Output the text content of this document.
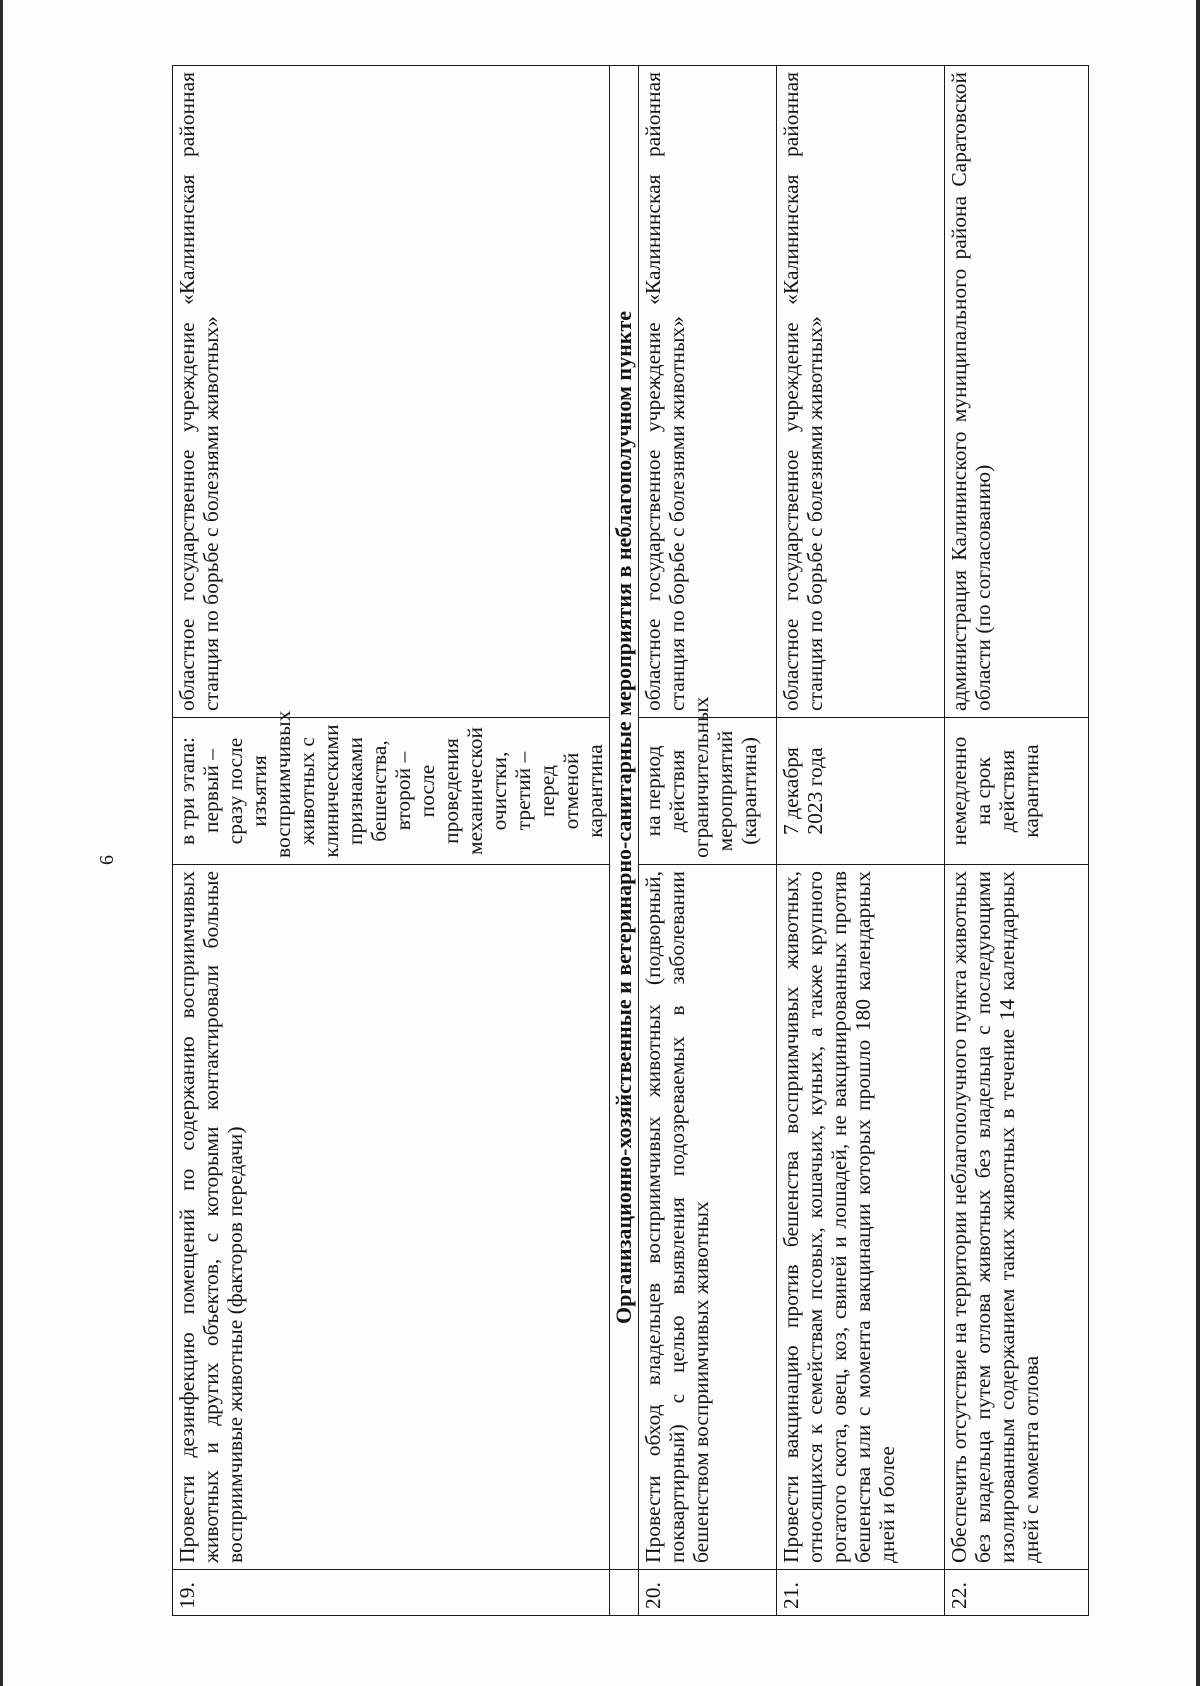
6
19.	Провести дезинфекцию помещений по содержанию восприимчивых животных и других объектов, с которыми контактировали больные восприимчивые животные (факторов передачи)	в три этапа: первый – сразу после изъятия восприимчивых животных с клиническими признаками бешенства, второй – после проведения механической очистки, третий – перед отменой карантина	областное государственное учреждение «Калининская районная станция по борьбе с болезнями животных»
	Организационно-хозяйственные и ветеринарно-санитарные мероприятия в неблагополучном пункте		
20.	Провести обход владельцев восприимчивых животных (подворный, поквартирный) с целью выявления подозреваемых в заболевании бешенством восприимчивых животных	на период действия ограничительных мероприятий (карантина)	областное государственное учреждение «Калининская районная станция по борьбе с болезнями животных»
21.	Провести вакцинацию против бешенства восприимчивых животных, относящихся к семействам псовых, кошачьих, куньих, а также крупного рогатого скота, овец, коз, свиней и лошадей, не вакцинированных против бешенства или с момента вакцинации которых прошло 180 календарных дней и более	7 декабря 2023 года	областное государственное учреждение «Калининская районная станция по борьбе с болезнями животных»
22.	Обеспечить отсутствие на территории неблагополучного пункта животных без владельца путем отлова животных без владельца с последующими изолированным содержанием таких животных в течение 14 календарных дней с момента отлова	немедленно на срок действия карантина	администрация Калининского муниципального района Саратовской области (по согласованию)
